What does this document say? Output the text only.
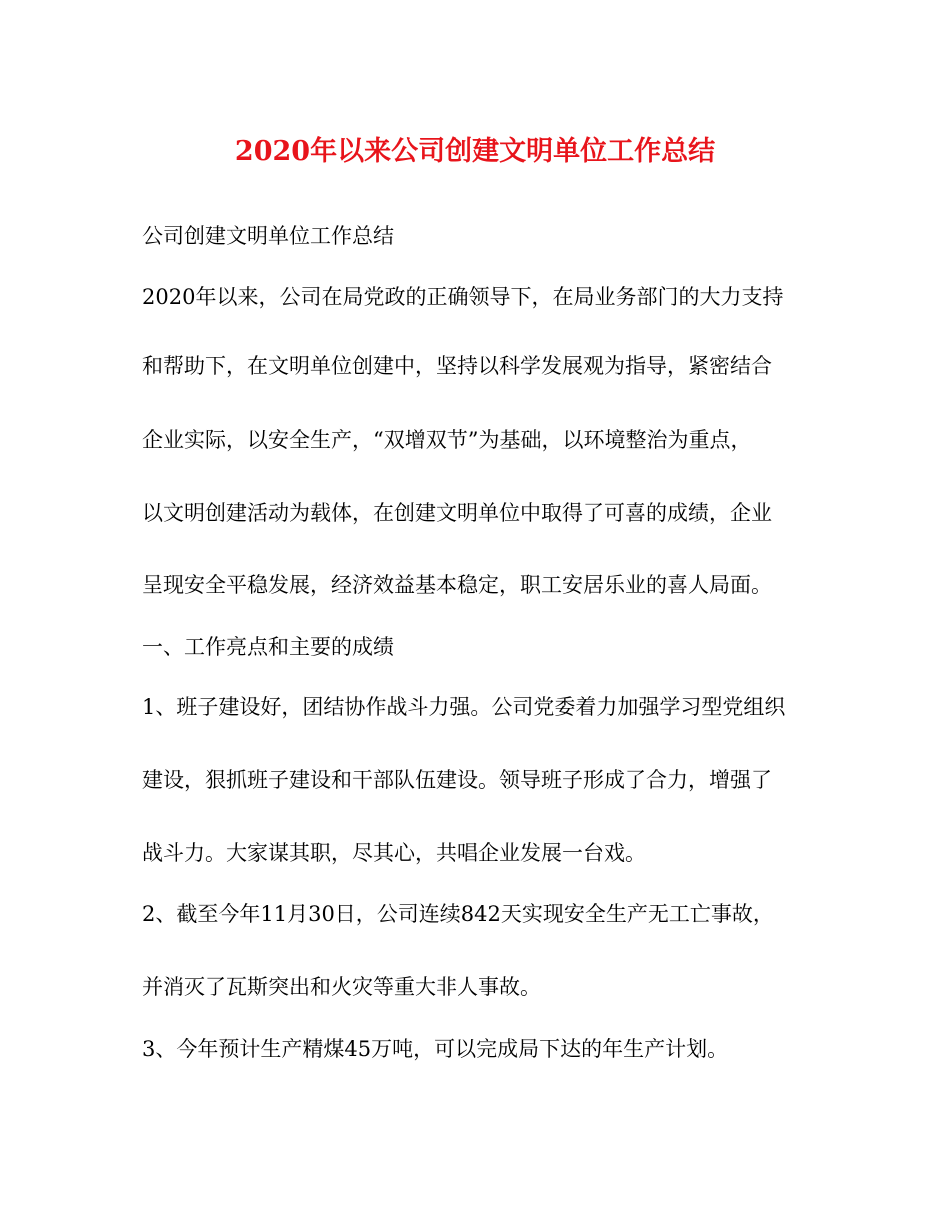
2020年以来公司创建文明单位工作总结

公司创建文明单位工作总结

2020年以来，公司在局党政的正确领导下，在局业务部门的大力支持

和帮助下，在文明单位创建中，坚持以科学发展观为指导，紧密结合

企业实际，以安全生产，“双增双节”为基础，以环境整治为重点，

以文明创建活动为载体，在创建文明单位中取得了可喜的成绩，企业

呈现安全平稳发展，经济效益基本稳定，职工安居乐业的喜人局面。

一、工作亮点和主要的成绩

1、班子建设好，团结协作战斗力强。公司党委着力加强学习型党组织

建设，狠抓班子建设和干部队伍建设。领导班子形成了合力，增强了

战斗力。大家谋其职，尽其心，共唱企业发展一台戏。

2、截至今年11月30日，公司连续842天实现安全生产无工亡事故，

并消灭了瓦斯突出和火灾等重大非人事故。

3、今年预计生产精煤45万吨，可以完成局下达的年生产计划。
